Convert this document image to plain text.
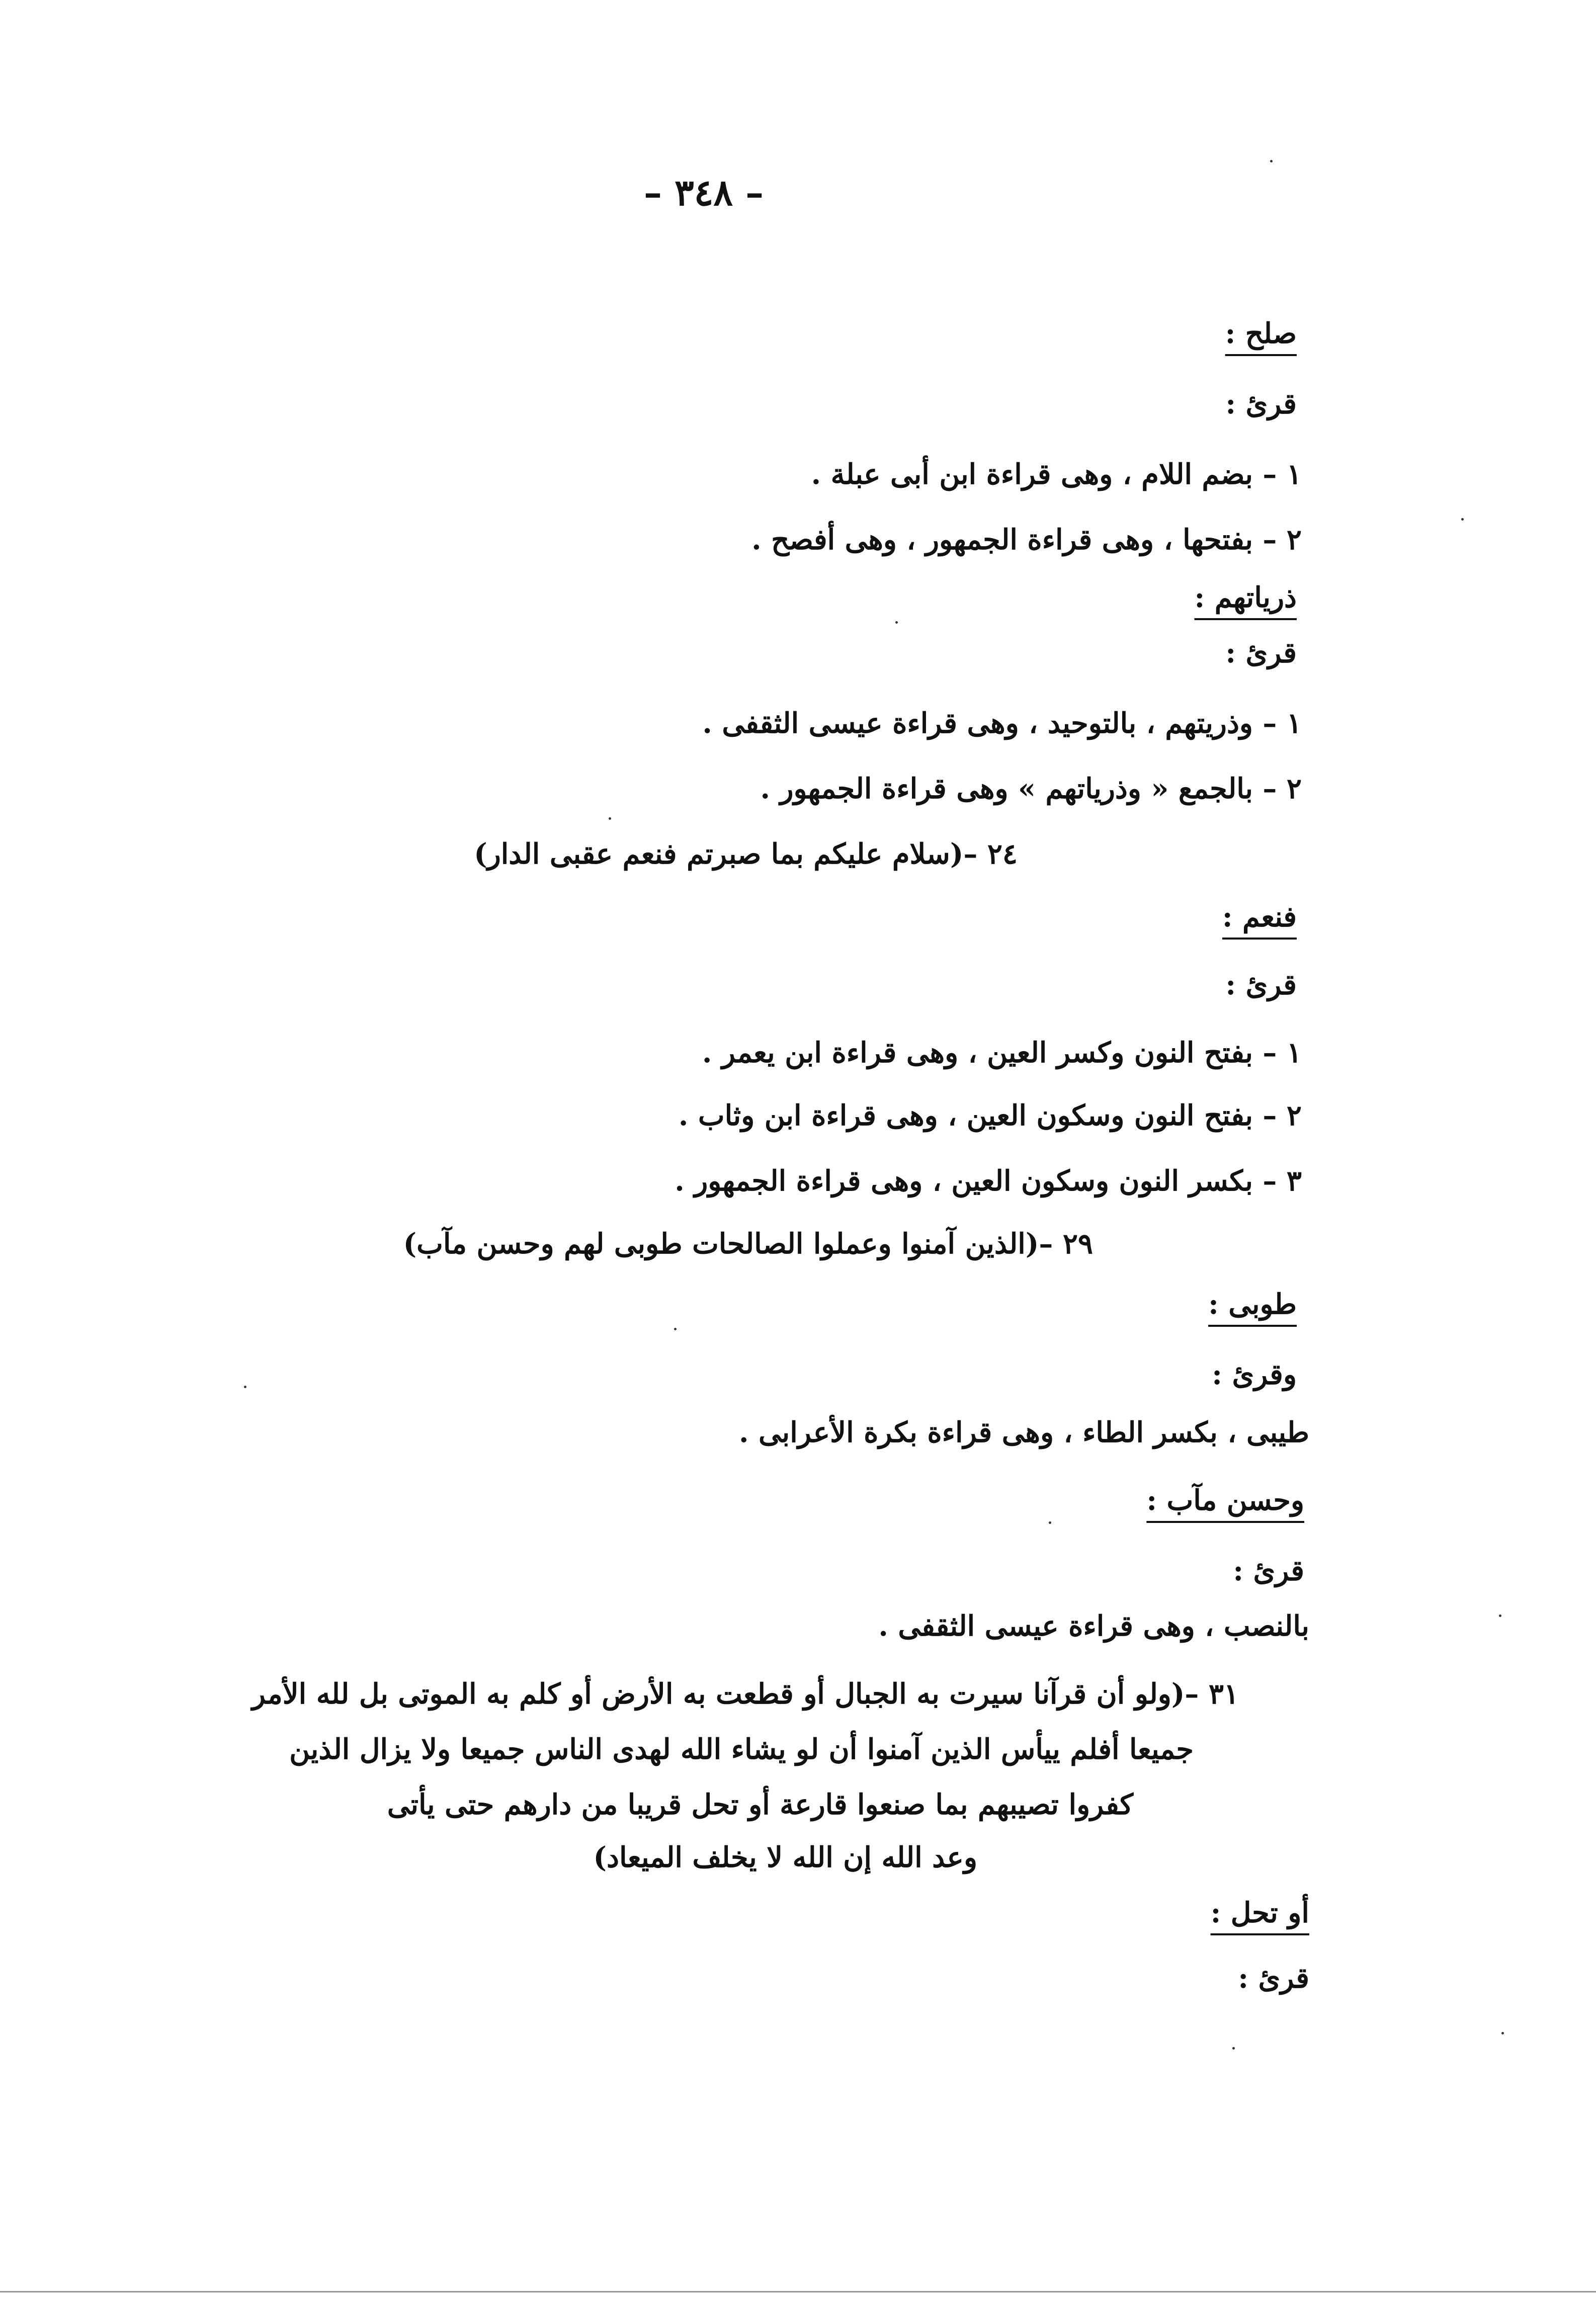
– ٣٤٨ –
صلح :
قرئ :
١ – بضم اللام ، وهى قراءة ابن أبى عبلة .
٢ – بفتحها ، وهى قراءة الجمهور ، وهى أفصح .
ذرياتهم :
قرئ :
١ – وذريتهم ، بالتوحيد ، وهى قراءة عيسى الثقفى .
٢ – بالجمع « وذرياتهم » وهى قراءة الجمهور .
٢٤ –(سلام عليكم بما صبرتم فنعم عقبى الدار)
فنعم :
قرئ :
١ – بفتح النون وكسر العين ، وهى قراءة ابن يعمر .
٢ – بفتح النون وسكون العين ، وهى قراءة ابن وثاب .
٣ – بكسر النون وسكون العين ، وهى قراءة الجمهور .
٢٩ –(الذين آمنوا وعملوا الصالحات طوبى لهم وحسن مآب)
طوبى :
وقرئ :
طيبى ، بكسر الطاء ، وهى قراءة بكرة الأعرابى .
وحسن مآب :
قرئ :
بالنصب ، وهى قراءة عيسى الثقفى .
٣١ –(ولو أن قرآنا سيرت به الجبال أو قطعت به الأرض أو كلم به الموتى بل لله الأمر
جميعا أفلم ييأس الذين آمنوا أن لو يشاء الله لهدى الناس جميعا ولا يزال الذين
كفروا تصيبهم بما صنعوا قارعة أو تحل قريبا من دارهم حتى يأتى
وعد الله إن الله لا يخلف الميعاد)
أو تحل :
قرئ :
